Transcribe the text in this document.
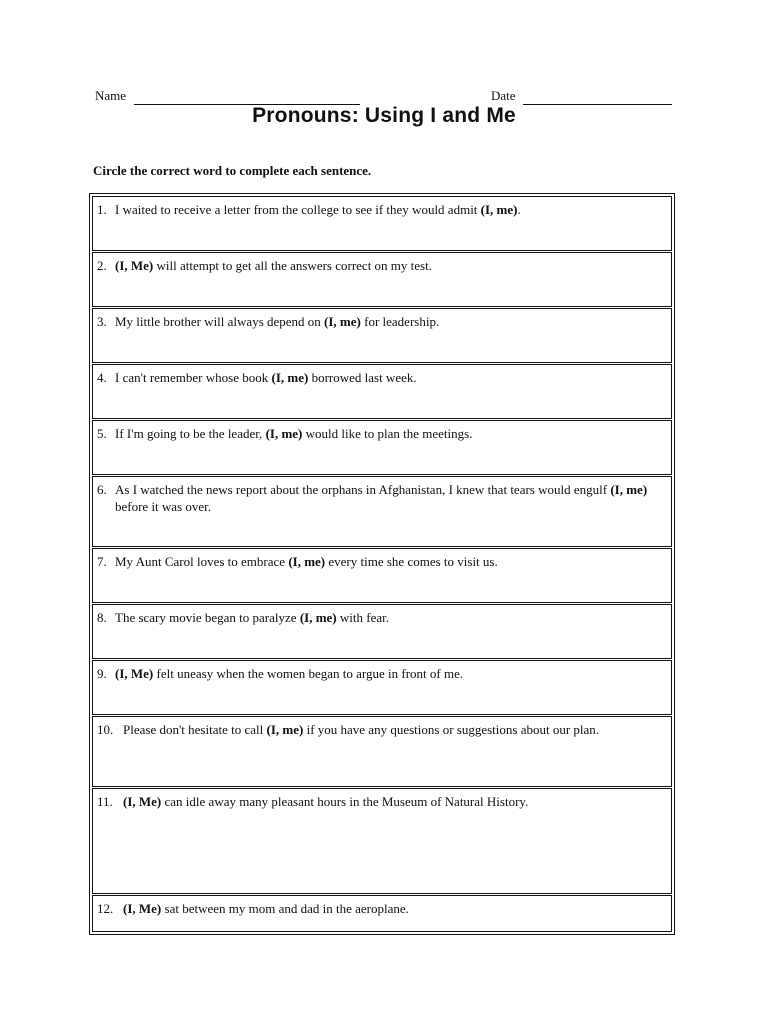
Name	Date
Pronouns: Using I and Me
Circle the correct word to complete each sentence.
1. I waited to receive a letter from the college to see if they would admit (I, me).
2. (I, Me) will attempt to get all the answers correct on my test.
3. My little brother will always depend on (I, me) for leadership.
4. I can't remember whose book (I, me) borrowed last week.
5. If I'm going to be the leader, (I, me) would like to plan the meetings.
6. As I watched the news report about the orphans in Afghanistan, I knew that tears would engulf (I, me) before it was over.
7. My Aunt Carol loves to embrace (I, me) every time she comes to visit us.
8. The scary movie began to paralyze (I, me) with fear.
9. (I, Me) felt uneasy when the women began to argue in front of me.
10. Please don't hesitate to call (I, me) if you have any questions or suggestions about our plan.
11. (I, Me) can idle away many pleasant hours in the Museum of Natural History.
12. (I, Me) sat between my mom and dad in the aeroplane.
